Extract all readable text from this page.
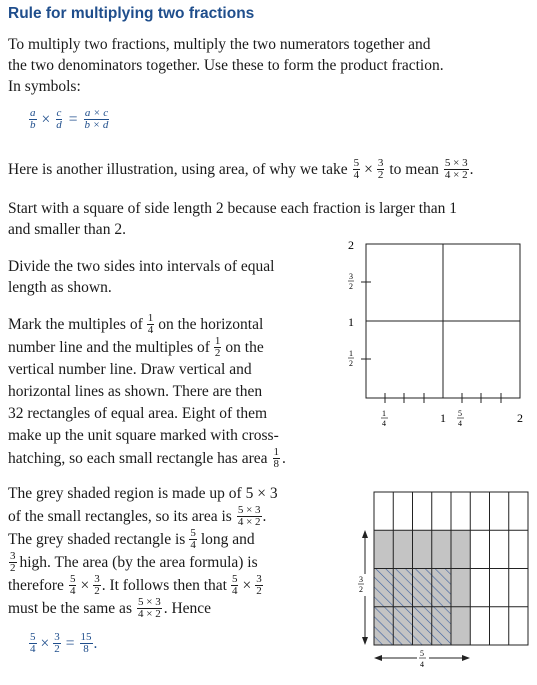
Rule for multiplying two fractions
To multiply two fractions, multiply the two numerators together and
the two denominators together. Use these to form the product fraction.
In symbols:
$\frac{a}{b} \times \frac{c}{d} = \frac{a \times c}{b \times d}$
Here is another illustration, using area, of why we take $\frac{5}{4} \times \frac{3}{2}$ to mean $\frac{5 \times 3}{4 \times 2}$ .
Start with a square of side length 2 because each fraction is larger than 1
and smaller than 2.
Divide the two sides into intervals of equal
length as shown.
Mark the multiples of $\frac{1}{4}$ on the horizontal
number line and the multiples of $\frac{1}{2}$ on the
vertical number line. Draw vertical and
horizontal lines as shown. There are then
32 rectangles of equal area. Eight of them
make up the unit square marked with cross-
hatching, so each small rectangle has area $\frac{1}{8}$ .
The grey shaded region is made up of 5 × 3
of the small rectangles, so its area is $\frac{5 \times 3}{4 \times 2}$ .
The grey shaded rectangle is $\frac{5}{4}$ long and
$\frac{3}{2}$ high. The area (by the area formula) is
therefore $\frac{5}{4} \times \frac{3}{2}$ . It follows then that $\frac{5}{4} \times \frac{3}{2}$
must be the same as $\frac{5 \times 3}{4 \times 2}$ . Hence
$\frac{5}{4} \times \frac{3}{2} = \frac{15}{8}$ .
2
1
3
2
1
2
1
4	1 5
4	2
3
2
5
4
